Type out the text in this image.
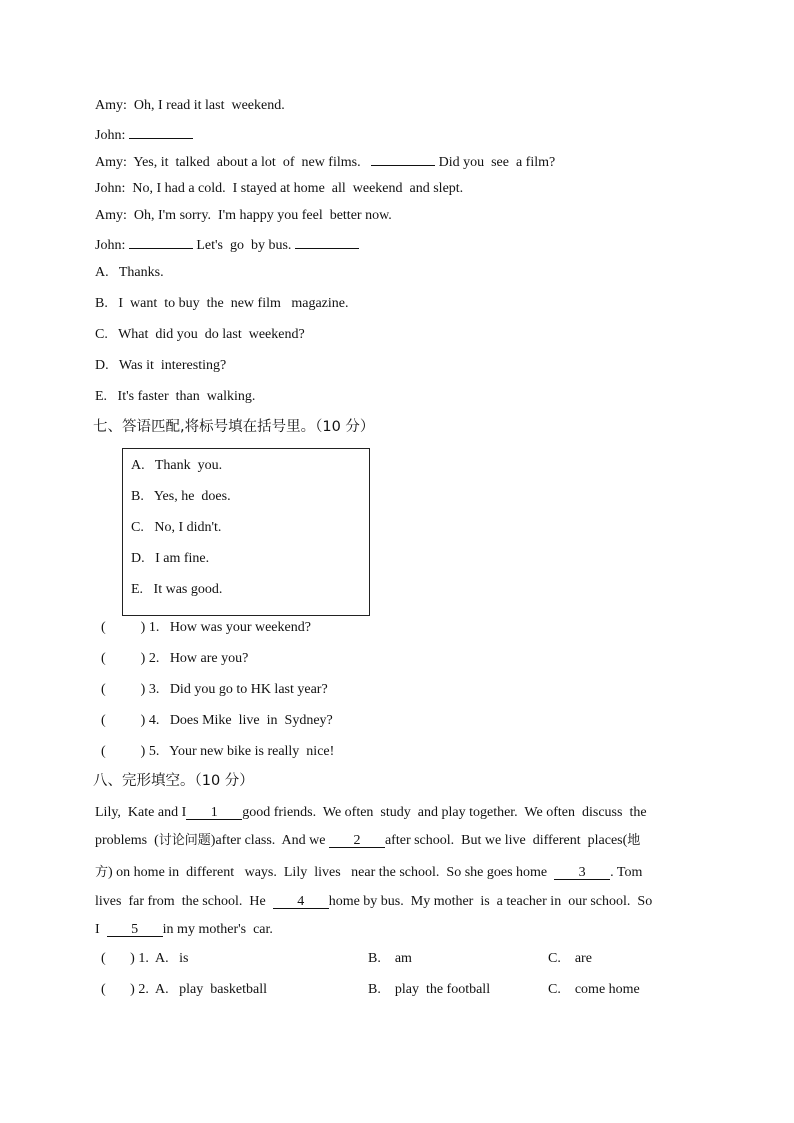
Amy:  Oh, I read it last  weekend.
John:
Amy:  Yes, it  talked  about a lot  of  new films.	Did you  see  a film?
John:  No, I had a cold.  I stayed at home  all  weekend  and slept.
Amy:  Oh, I'm sorry.  I'm happy you feel  better now.
John:	Let's  go  by bus.
A.   Thanks.
B.   I  want  to buy  the  new film   magazine.
C.   What  did you  do last  weekend?
D.   Was it  interesting?
E.   It's faster  than  walking.
七、答语匹配,将标号填在括号里。（10 分）
A.   Thank  you.
B.   Yes, he  does.
C.   No, I didn't.
D.   I am fine.
E.   It was good.
(          ) 1.   How was your weekend?
(          ) 2.   How are you?
(          ) 3.   Did you go to HK last year?
(          ) 4.   Does Mike  live  in  Sydney?
(          ) 5.   Your new bike is really  nice!
八、完形填空。（10 分）
Lily,  Kate and I 1 good friends.  We often  study  and play together.  We often  discuss  the
problems  (讨论问题)after class.  And we 2 after school.  But we live  different  places(地
方) on home in  different   ways.  Lily  lives   near the school.  So she goes home 3 . Tom
lives  far from  the school.  He 4 home by bus.  My mother  is  a teacher in  our school.  So
I 5 in my mother's  car.
(       ) 1.  A.   is	B.    am	C.    are
(       ) 2.  A.   play  basketball	B.    play  the football	C.    come home
